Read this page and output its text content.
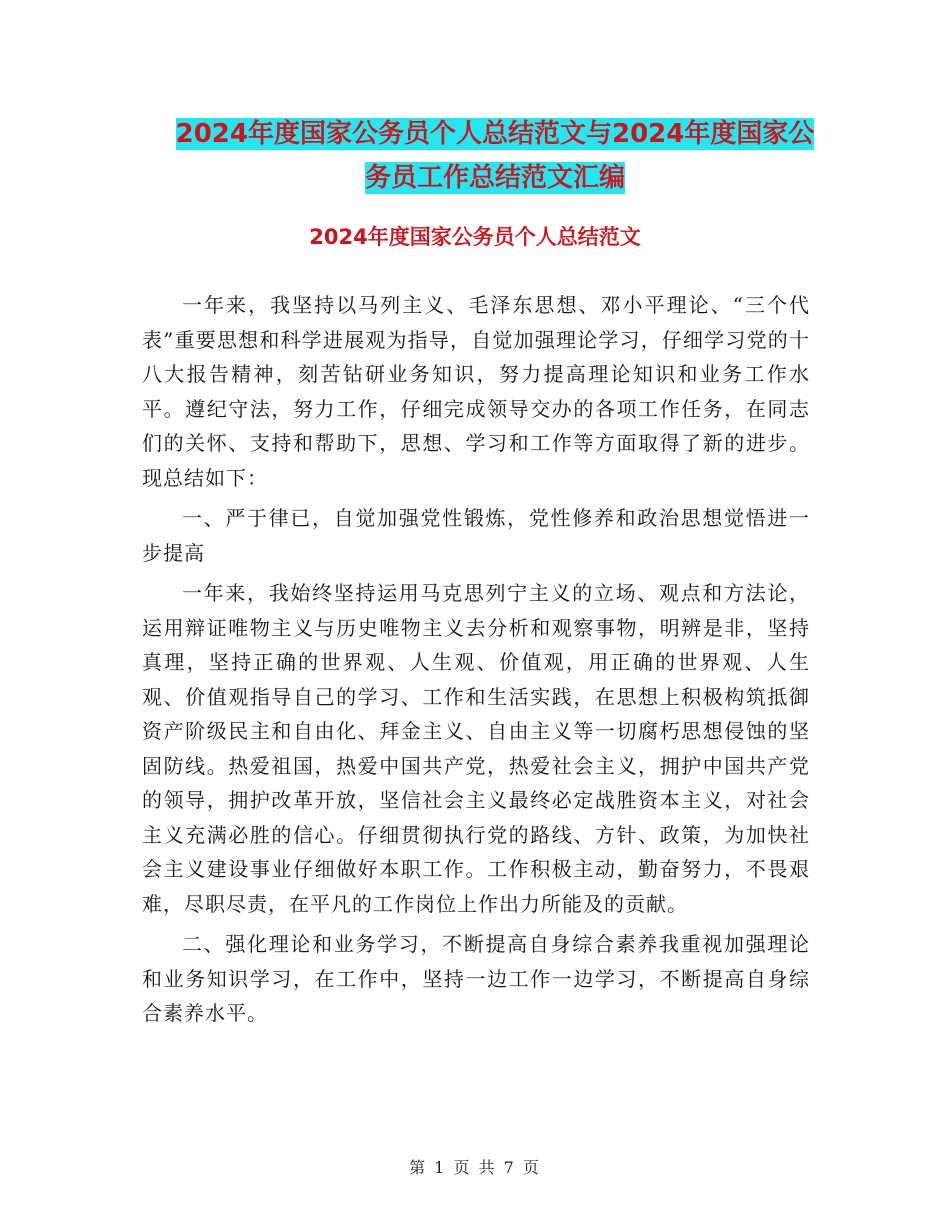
2024年度国家公务员个人总结范文与2024年度国家公
务员工作总结范文汇编
2024年度国家公务员个人总结范文

一年来，我坚持以马列主义、毛泽东思想、邓小平理论、“三个代表”重要思想和科学进展观为指导，自觉加强理论学习，仔细学习党的十八大报告精神，刻苦钻研业务知识，努力提高理论知识和业务工作水平。遵纪守法，努力工作，仔细完成领导交办的各项工作任务，在同志们的关怀、支持和帮助下，思想、学习和工作等方面取得了新的进步。现总结如下：

一、严于律已，自觉加强党性锻炼，党性修养和政治思想觉悟进一步提高

一年来，我始终坚持运用马克思列宁主义的立场、观点和方法论，运用辩证唯物主义与历史唯物主义去分析和观察事物，明辨是非，坚持真理，坚持正确的世界观、人生观、价值观，用正确的世界观、人生观、价值观指导自己的学习、工作和生活实践，在思想上积极构筑抵御资产阶级民主和自由化、拜金主义、自由主义等一切腐朽思想侵蚀的坚固防线。热爱祖国，热爱中国共产党，热爱社会主义，拥护中国共产党的领导，拥护改革开放，坚信社会主义最终必定战胜资本主义，对社会主义充满必胜的信心。仔细贯彻执行党的路线、方针、政策，为加快社会主义建设事业仔细做好本职工作。工作积极主动，勤奋努力，不畏艰难，尽职尽责，在平凡的工作岗位上作出力所能及的贡献。

二、强化理论和业务学习，不断提高自身综合素养我重视加强理论和业务知识学习，在工作中，坚持一边工作一边学习，不断提高自身综合素养水平。

第 1 页 共 7 页
